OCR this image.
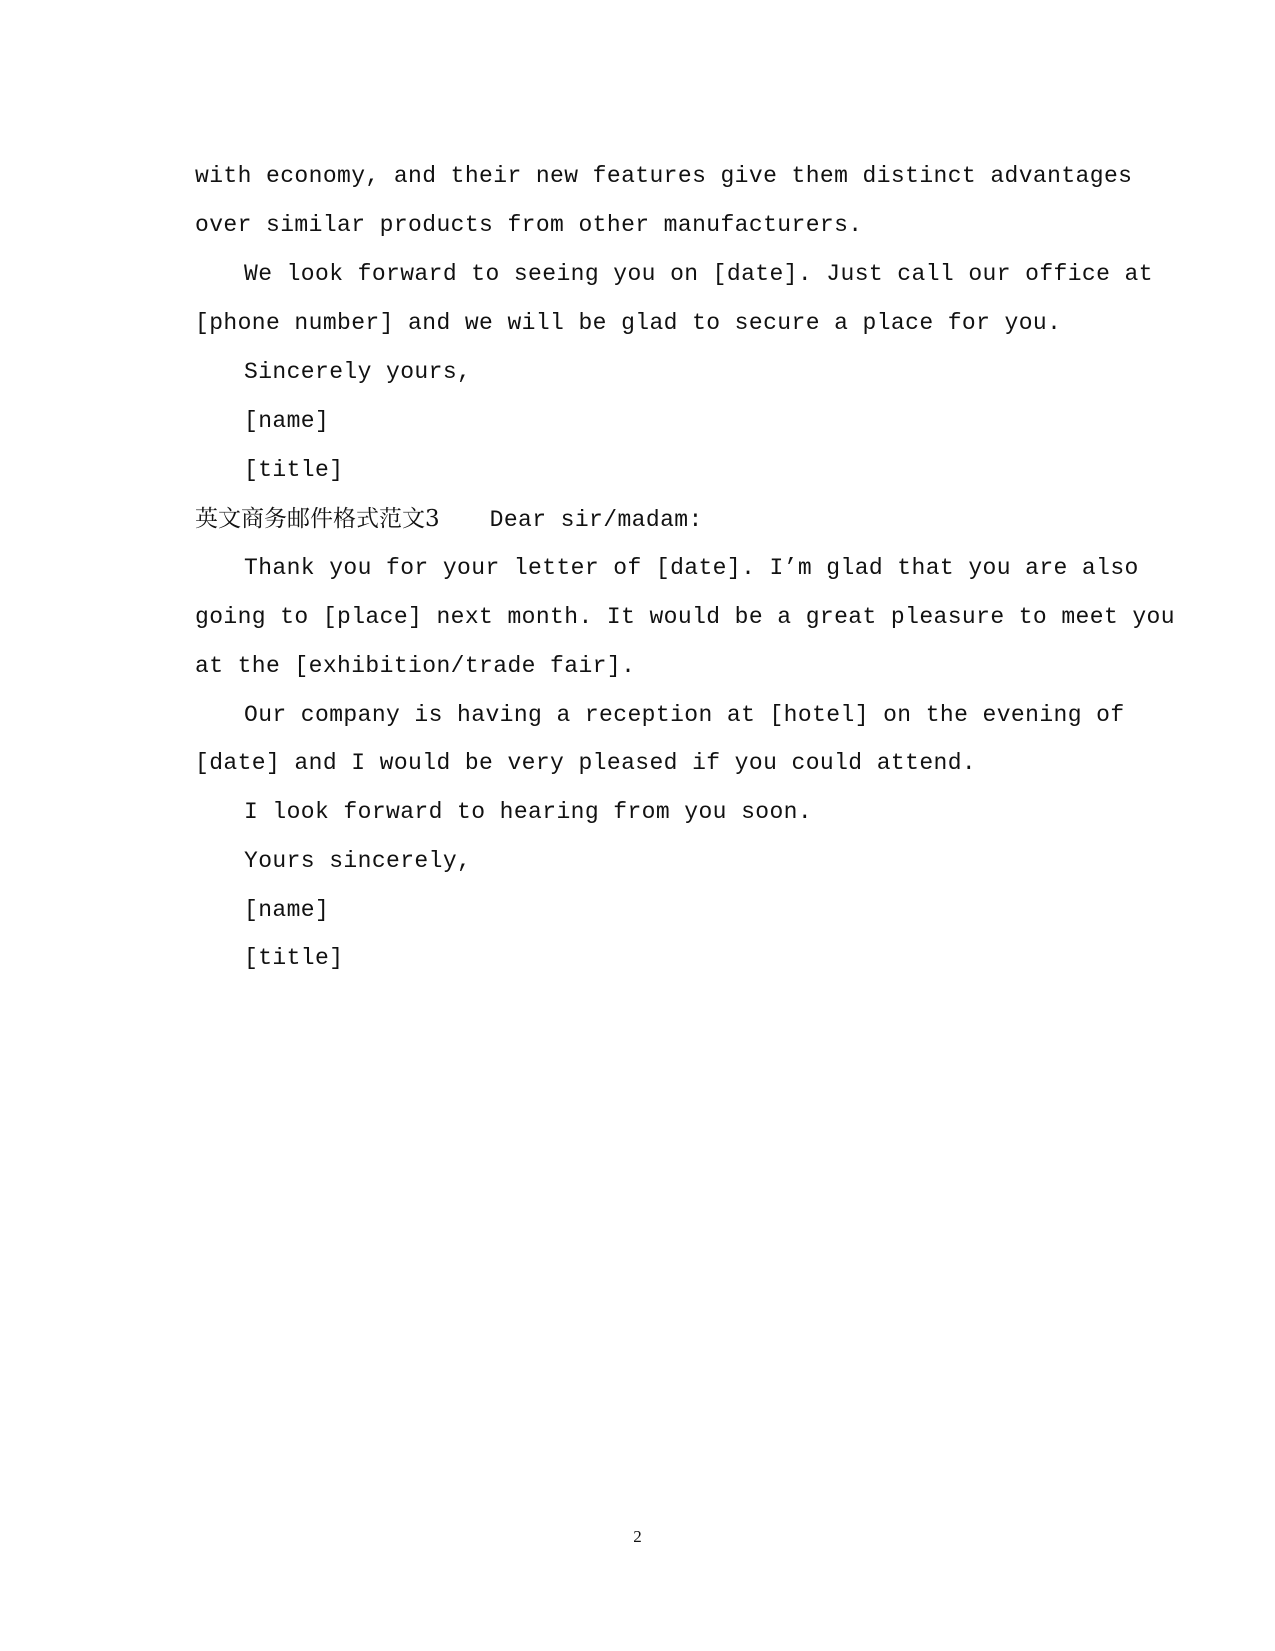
with economy, and their new features give them distinct advantages
over similar products from other manufacturers.
We look forward to seeing you on [date]. Just call our office at
[phone number] and we will be glad to secure a place for you.
Sincerely yours,
[name]
[title]
英文商务邮件格式范文3 Dear sir/madam:
Thank you for your letter of [date]. I’m glad that you are also
going to [place] next month. It would be a great pleasure to meet you
at the [exhibition/trade fair].
Our company is having a reception at [hotel] on the evening of
[date] and I would be very pleased if you could attend.
I look forward to hearing from you soon.
Yours sincerely,
[name]
[title]
2
